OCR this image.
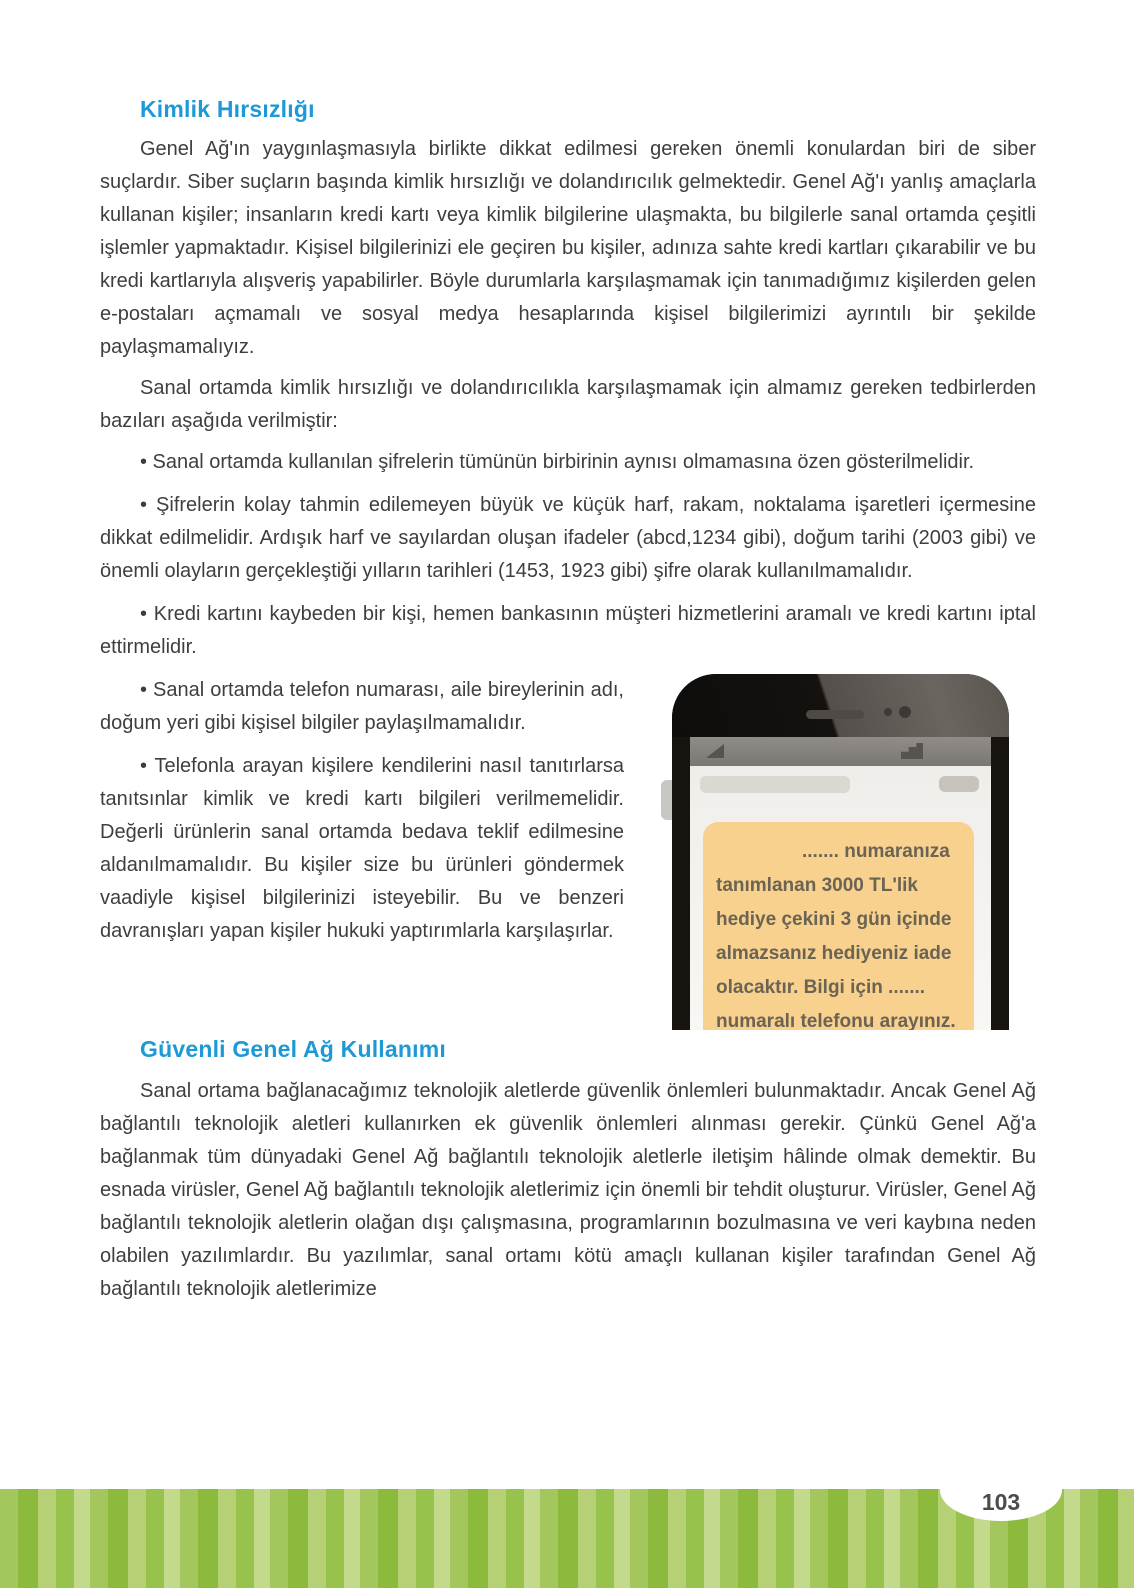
Kimlik Hırsızlığı

Genel Ağ'ın yaygınlaşmasıyla birlikte dikkat edilmesi gereken önemli konulardan biri de siber suçlardır. Siber suçların başında kimlik hırsızlığı ve dolandırıcılık gelmektedir. Genel Ağ'ı yanlış amaçlarla kullanan kişiler; insanların kredi kartı veya kimlik bilgilerine ulaşmakta, bu bilgilerle sanal ortamda çeşitli işlemler yapmaktadır. Kişisel bilgilerinizi ele geçiren bu kişiler, adınıza sahte kredi kartları çıkarabilir ve bu kredi kartlarıyla alışveriş yapabilirler. Böyle durumlarla karşılaşmamak için tanımadığımız kişilerden gelen e-postaları açmamalı ve sosyal medya hesaplarında kişisel bilgilerimizi ayrıntılı bir şekilde paylaşmamalıyız.

Sanal ortamda kimlik hırsızlığı ve dolandırıcılıkla karşılaşmamak için almamız gereken tedbirlerden bazıları aşağıda verilmiştir:

• Sanal ortamda kullanılan şifrelerin tümünün birbirinin aynısı olmamasına özen gösterilmelidir.

• Şifrelerin kolay tahmin edilemeyen büyük ve küçük harf, rakam, noktalama işaretleri içermesine dikkat edilmelidir. Ardışık harf ve sayılardan oluşan ifadeler (abcd,1234 gibi), doğum tarihi (2003 gibi) ve önemli olayların gerçekleştiği yılların tarihleri (1453, 1923 gibi) şifre olarak kullanılmamalıdır.

• Kredi kartını kaybeden bir kişi, hemen bankasının müşteri hizmetlerini aramalı ve kredi kartını iptal ettirmelidir.

....... numaranıza tanımlanan 3000 TL'lik hediye çekini 3 gün içinde almazsanız hediyeniz iade olacaktır. Bilgi için ....... numaralı telefonu arayınız.

• Sanal ortamda telefon numarası, aile bireylerinin adı, doğum yeri gibi kişisel bilgiler paylaşılmamalıdır.

• Telefonla arayan kişilere kendilerini nasıl tanıtırlarsa tanıtsınlar kimlik ve kredi kartı bilgileri verilmemelidir. Değerli ürünlerin sanal ortamda bedava teklif edilmesine aldanılmamalıdır. Bu kişiler size bu ürünleri göndermek vaadiyle kişisel bilgilerinizi isteyebilir. Bu ve benzeri davranışları yapan kişiler hukuki yaptırımlarla karşılaşırlar.

Güvenli Genel Ağ Kullanımı

Sanal ortama bağlanacağımız teknolojik aletlerde güvenlik önlemleri bulunmaktadır. Ancak Genel Ağ bağlantılı teknolojik aletleri kullanırken ek güvenlik önlemleri alınması gerekir. Çünkü Genel Ağ'a bağlanmak tüm dünyadaki Genel Ağ bağlantılı teknolojik aletlerle iletişim hâlinde olmak demektir. Bu esnada virüsler, Genel Ağ bağlantılı teknolojik aletlerimiz için önemli bir tehdit oluşturur. Virüsler, Genel Ağ bağlantılı teknolojik aletlerin olağan dışı çalışmasına, programlarının bozulmasına ve veri kaybına neden olabilen yazılımlardır. Bu yazılımlar, sanal ortamı kötü amaçlı kullanan kişiler tarafından Genel Ağ bağlantılı teknolojik aletlerimize

103
